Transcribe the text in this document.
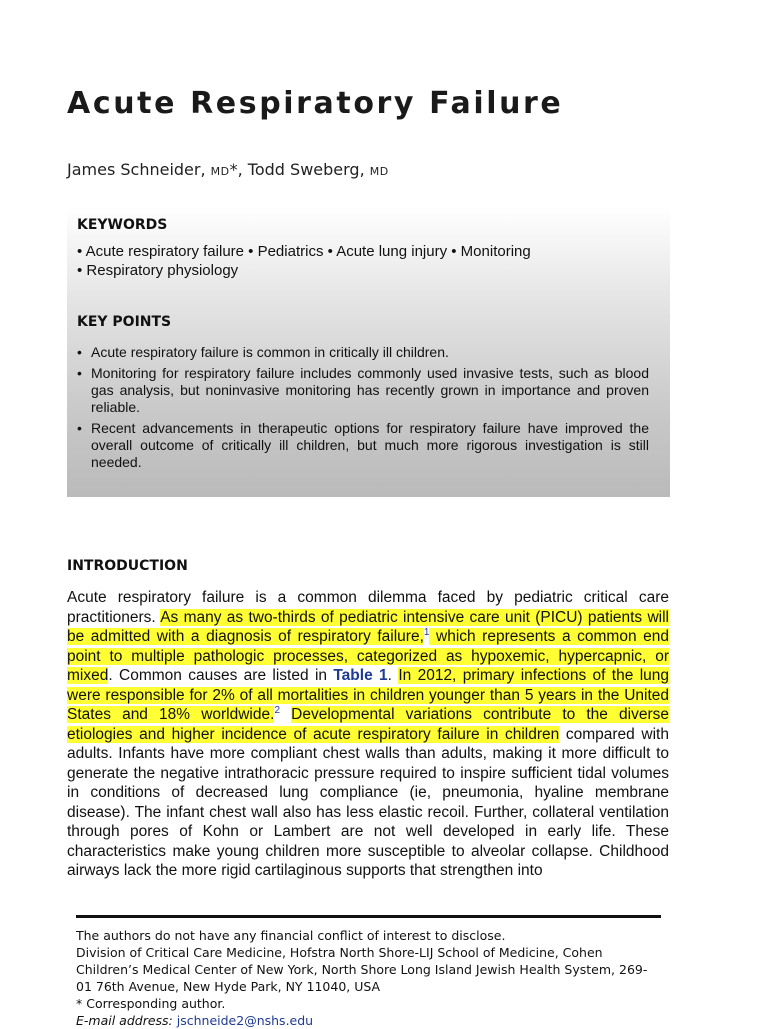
Acute Respiratory Failure
James Schneider, MD*, Todd Sweberg, MD
KEYWORDS
• Acute respiratory failure • Pediatrics • Acute lung injury • Monitoring
• Respiratory physiology
KEY POINTS
• Acute respiratory failure is common in critically ill children.
• Monitoring for respiratory failure includes commonly used invasive tests, such as blood gas analysis, but noninvasive monitoring has recently grown in importance and proven reliable.
• Recent advancements in therapeutic options for respiratory failure have improved the overall outcome of critically ill children, but much more rigorous investigation is still needed.
INTRODUCTION

Acute respiratory failure is a common dilemma faced by pediatric critical care practitioners. As many as two-thirds of pediatric intensive care unit (PICU) patients will be admitted with a diagnosis of respiratory failure,$^1$ which represents a common end point to multiple pathologic processes, categorized as hypoxemic, hypercapnic, or mixed. Common causes are listed in Table 1. In 2012, primary infections of the lung were responsible for 2% of all mortalities in children younger than 5 years in the United States and 18% worldwide.$^2$ Developmental variations contribute to the diverse etiologies and higher incidence of acute respiratory failure in children compared with adults. Infants have more compliant chest walls than adults, making it more difficult to generate the negative intrathoracic pressure required to inspire sufficient tidal volumes in conditions of decreased lung compliance (ie, pneumonia, hyaline membrane disease). The infant chest wall also has less elastic recoil. Further, collateral ventilation through pores of Kohn or Lambert are not well developed in early life. These characteristics make young children more susceptible to alveolar collapse. Childhood airways lack the more rigid cartilaginous supports that strengthen into

The authors do not have any financial conflict of interest to disclose.

Division of Critical Care Medicine, Hofstra North Shore-LIJ School of Medicine, Cohen Children’s Medical Center of New York, North Shore Long Island Jewish Health System, 269-01 76th Avenue, New Hyde Park, NY 11040, USA

* Corresponding author.

E-mail address: jschneide2@nshs.edu
